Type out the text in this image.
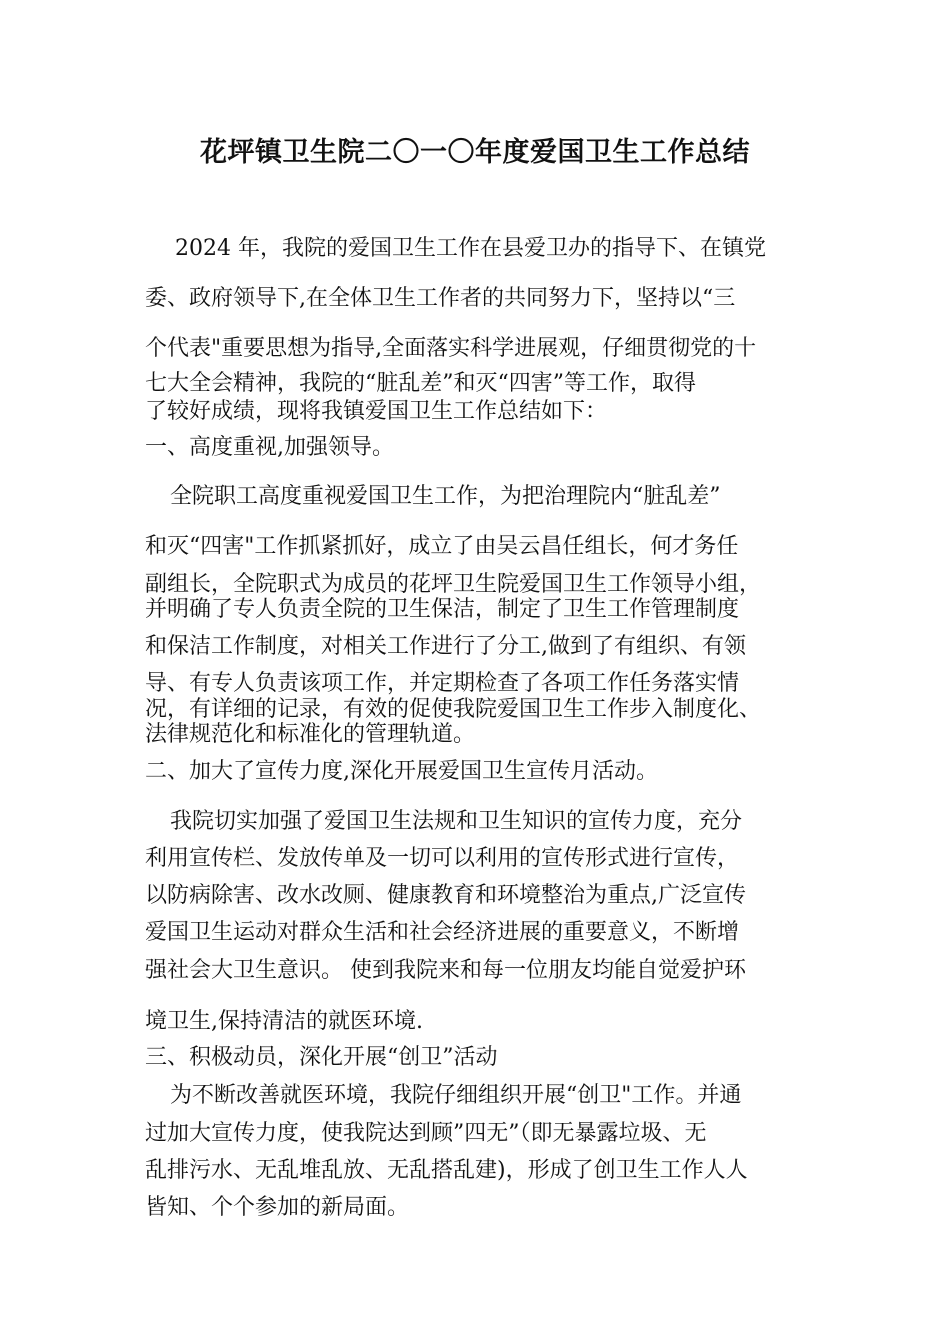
花坪镇卫生院二〇一〇年度爱国卫生工作总结
2024 年，我院的爱国卫生工作在县爱卫办的指导下、在镇党
委、政府领导下,在全体卫生工作者的共同努力下，坚持以“三
个代表"重要思想为指导,全面落实科学进展观，仔细贯彻党的十
七大全会精神，我院的“脏乱差”和灭“四害”等工作，取得
了较好成绩，现将我镇爱国卫生工作总结如下：
一、高度重视,加强领导。
全院职工高度重视爱国卫生工作，为把治理院内“脏乱差”
和灭“四害"工作抓紧抓好，成立了由吴云昌任组长，何才务任
副组长，全院职式为成员的花坪卫生院爱国卫生工作领导小组，
并明确了专人负责全院的卫生保洁，制定了卫生工作管理制度
和保洁工作制度，对相关工作进行了分工,做到了有组织、有领
导、有专人负责该项工作，并定期检查了各项工作任务落实情
况，有详细的记录，有效的促使我院爱国卫生工作步入制度化、
法律规范化和标准化的管理轨道。
二、加大了宣传力度,深化开展爱国卫生宣传月活动。
我院切实加强了爱国卫生法规和卫生知识的宣传力度，充分
利用宣传栏、发放传单及一切可以利用的宣传形式进行宣传，
以防病除害、改水改厕、健康教育和环境整治为重点,广泛宣传
爱国卫生运动对群众生活和社会经济进展的重要意义，不断增
强社会大卫生意识。 使到我院来和每一位朋友均能自觉爱护环
境卫生,保持清洁的就医环境.
三、积极动员，深化开展“创卫”活动
为不断改善就医环境，我院仔细组织开展“创卫"工作。并通
过加大宣传力度，使我院达到顾”四无”（即无暴露垃圾、无
乱排污水、无乱堆乱放、无乱搭乱建)，形成了创卫生工作人人
皆知、个个参加的新局面。
